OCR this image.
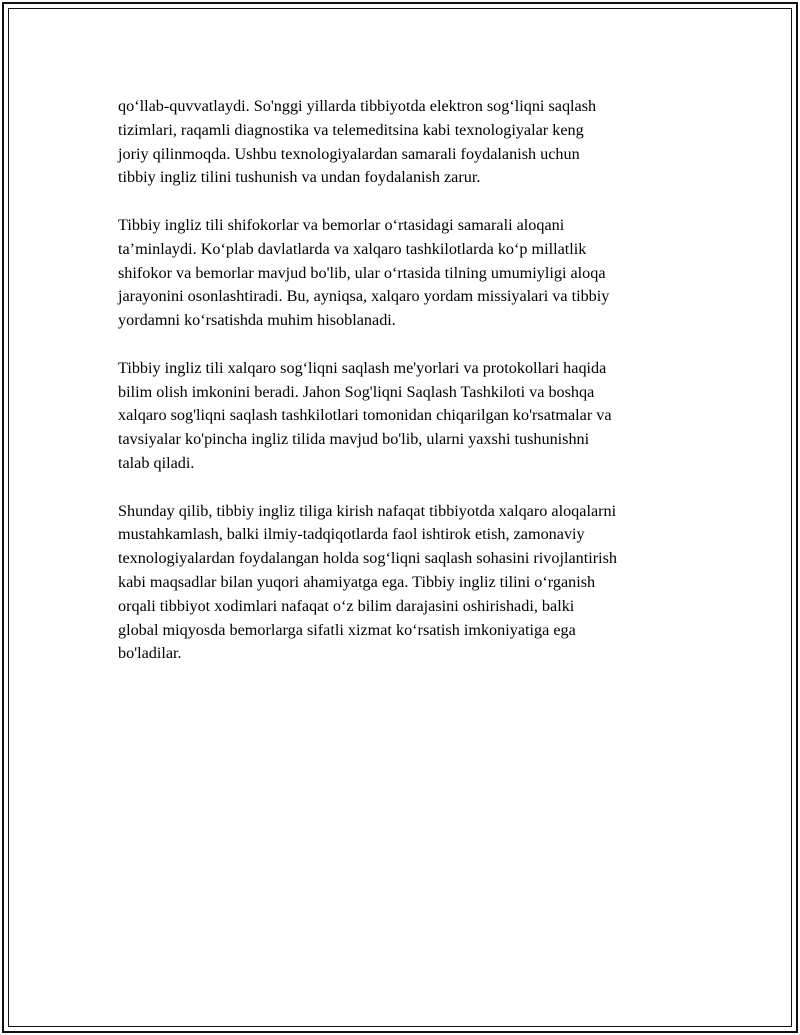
qo‘llab-quvvatlaydi. So'nggi yillarda tibbiyotda elektron sog‘liqni saqlash
tizimlari, raqamli diagnostika va telemeditsina kabi texnologiyalar keng
joriy qilinmoqda. Ushbu texnologiyalardan samarali foydalanish uchun
tibbiy ingliz tilini tushunish va undan foydalanish zarur.

Tibbiy ingliz tili shifokorlar va bemorlar o‘rtasidagi samarali aloqani
ta’minlaydi. Ko‘plab davlatlarda va xalqaro tashkilotlarda ko‘p millatlik
shifokor va bemorlar mavjud bo'lib, ular o‘rtasida tilning umumiyligi aloqa
jarayonini osonlashtiradi. Bu, ayniqsa, xalqaro yordam missiyalari va tibbiy
yordamni ko‘rsatishda muhim hisoblanadi.

Tibbiy ingliz tili xalqaro sog‘liqni saqlash me'yorlari va protokollari haqida
bilim olish imkonini beradi. Jahon Sog'liqni Saqlash Tashkiloti va boshqa
xalqaro sog'liqni saqlash tashkilotlari tomonidan chiqarilgan ko'rsatmalar va
tavsiyalar ko'pincha ingliz tilida mavjud bo'lib, ularni yaxshi tushunishni
talab qiladi.

Shunday qilib, tibbiy ingliz tiliga kirish nafaqat tibbiyotda xalqaro aloqalarni
mustahkamlash, balki ilmiy-tadqiqotlarda faol ishtirok etish, zamonaviy
texnologiyalardan foydalangan holda sog‘liqni saqlash sohasini rivojlantirish
kabi maqsadlar bilan yuqori ahamiyatga ega. Tibbiy ingliz tilini o‘rganish
orqali tibbiyot xodimlari nafaqat o‘z bilim darajasini oshirishadi, balki
global miqyosda bemorlarga sifatli xizmat ko‘rsatish imkoniyatiga ega
bo'ladilar.
